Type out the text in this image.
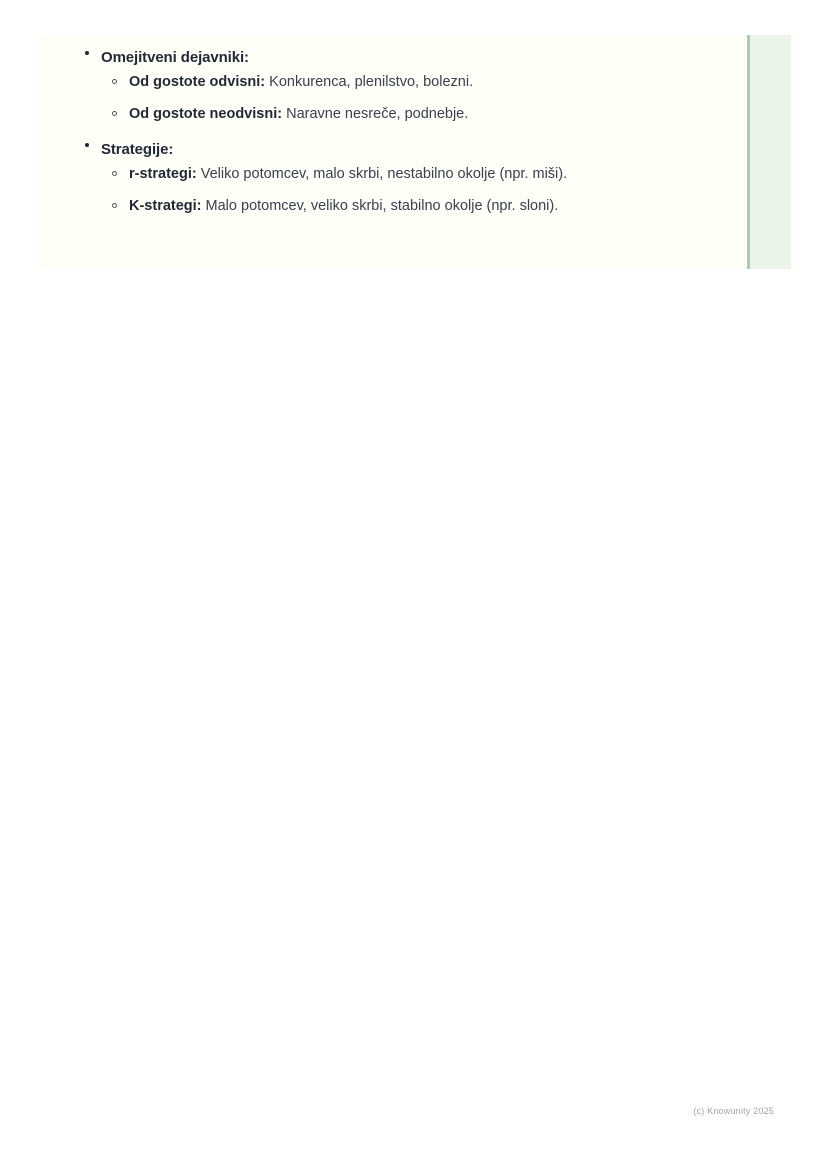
Omejitveni dejavniki:
Od gostote odvisni: Konkurenca, plenilstvo, bolezni.
Od gostote neodvisni: Naravne nesreče, podnebje.
Strategije:
r-strategi: Veliko potomcev, malo skrbi, nestabilno okolje (npr. miši).
K-strategi: Malo potomcev, veliko skrbi, stabilno okolje (npr. sloni).
(c) Knowunity 2025
